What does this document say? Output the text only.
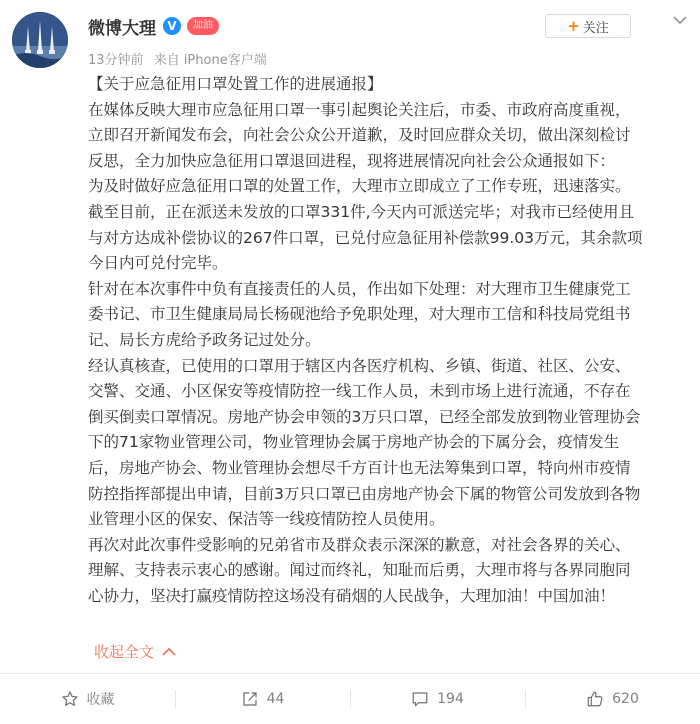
微博大理 V	加油
13分钟前 来自 iPhone客户端
+ 关注

【关于应急征用口罩处置工作的进展通报】

在媒体反映大理市应急征用口罩一事引起舆论关注后，市委、市政府高度重视，

立即召开新闻发布会，向社会公众公开道歉，及时回应群众关切，做出深刻检讨

反思，全力加快应急征用口罩退回进程，现将进展情况向社会公众通报如下：

为及时做好应急征用口罩的处置工作，大理市立即成立了工作专班，迅速落实。

截至目前，正在派送未发放的口罩331件,今天内可派送完毕；对我市已经使用且

与对方达成补偿协议的267件口罩，已兑付应急征用补偿款99.03万元，其余款项

今日内可兑付完毕。

针对在本次事件中负有直接责任的人员，作出如下处理：对大理市卫生健康党工

委书记、市卫生健康局局长杨砚池给予免职处理，对大理市工信和科技局党组书

记、局长方虎给予政务记过处分。

经认真核查，已使用的口罩用于辖区内各医疗机构、乡镇、街道、社区、公安、

交警、交通、小区保安等疫情防控一线工作人员，未到市场上进行流通，不存在

倒买倒卖口罩情况。房地产协会申领的3万只口罩，已经全部发放到物业管理协会

下的71家物业管理公司，物业管理协会属于房地产协会的下属分会，疫情发生

后，房地产协会、物业管理协会想尽千方百计也无法筹集到口罩，特向州市疫情

防控指挥部提出申请，目前3万只口罩已由房地产协会下属的物管公司发放到各物

业管理小区的保安、保洁等一线疫情防控人员使用。

再次对此次事件受影响的兄弟省市及群众表示深深的歉意，对社会各界的关心、

理解、支持表示衷心的感谢。闻过而终礼，知耻而后勇，大理市将与各界同胞同

心协力，坚决打赢疫情防控这场没有硝烟的人民战争，大理加油！中国加油！

收起全文
收藏	44	194	620
